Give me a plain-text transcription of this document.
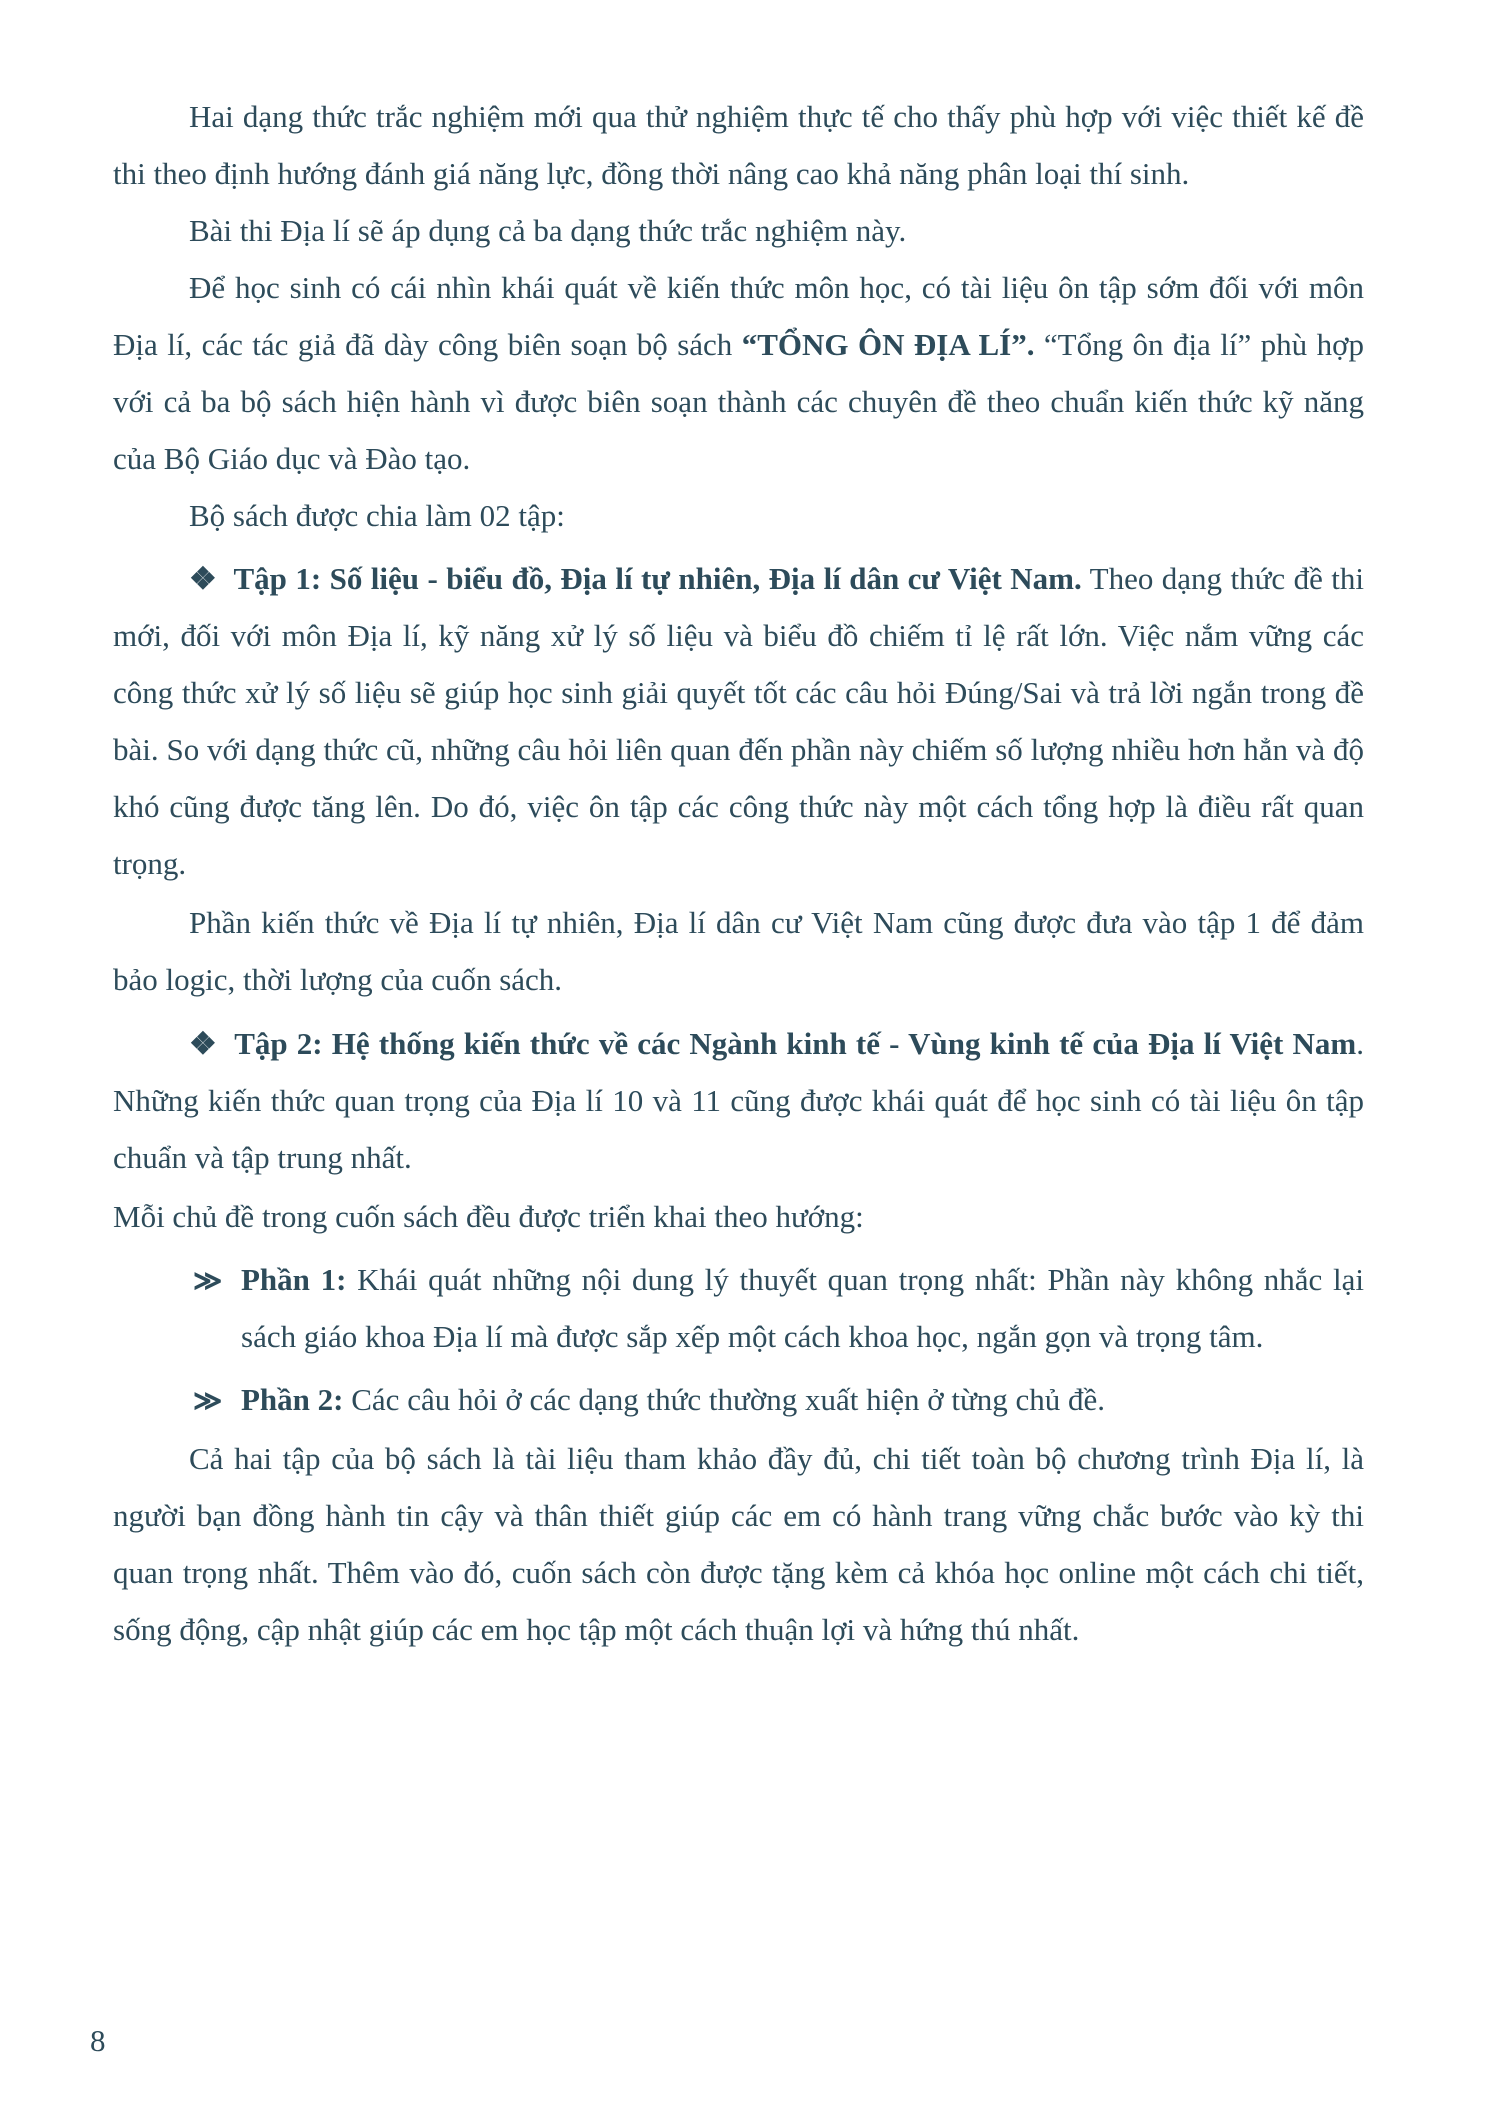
Hai dạng thức trắc nghiệm mới qua thử nghiệm thực tế cho thấy phù hợp với việc thiết kế đề thi theo định hướng đánh giá năng lực, đồng thời nâng cao khả năng phân loại thí sinh.

Bài thi Địa lí sẽ áp dụng cả ba dạng thức trắc nghiệm này.

Để học sinh có cái nhìn khái quát về kiến thức môn học, có tài liệu ôn tập sớm đối với môn Địa lí, các tác giả đã dày công biên soạn bộ sách “TỔNG ÔN ĐỊA LÍ”. “Tổng ôn địa lí” phù hợp với cả ba bộ sách hiện hành vì được biên soạn thành các chuyên đề theo chuẩn kiến thức kỹ năng của Bộ Giáo dục và Đào tạo.

Bộ sách được chia làm 02 tập:

❖ Tập 1: Số liệu - biểu đồ, Địa lí tự nhiên, Địa lí dân cư Việt Nam. Theo dạng thức đề thi mới, đối với môn Địa lí, kỹ năng xử lý số liệu và biểu đồ chiếm tỉ lệ rất lớn. Việc nắm vững các công thức xử lý số liệu sẽ giúp học sinh giải quyết tốt các câu hỏi Đúng/Sai và trả lời ngắn trong đề bài. So với dạng thức cũ, những câu hỏi liên quan đến phần này chiếm số lượng nhiều hơn hẳn và độ khó cũng được tăng lên. Do đó, việc ôn tập các công thức này một cách tổng hợp là điều rất quan trọng.

Phần kiến thức về Địa lí tự nhiên, Địa lí dân cư Việt Nam cũng được đưa vào tập 1 để đảm bảo logic, thời lượng của cuốn sách.

❖ Tập 2: Hệ thống kiến thức về các Ngành kinh tế - Vùng kinh tế của Địa lí Việt Nam. Những kiến thức quan trọng của Địa lí 10 và 11 cũng được khái quát để học sinh có tài liệu ôn tập chuẩn và tập trung nhất.

Mỗi chủ đề trong cuốn sách đều được triển khai theo hướng:

≫ Phần 1: Khái quát những nội dung lý thuyết quan trọng nhất: Phần này không nhắc lại sách giáo khoa Địa lí mà được sắp xếp một cách khoa học, ngắn gọn và trọng tâm.

≫ Phần 2: Các câu hỏi ở các dạng thức thường xuất hiện ở từng chủ đề.

Cả hai tập của bộ sách là tài liệu tham khảo đầy đủ, chi tiết toàn bộ chương trình Địa lí, là người bạn đồng hành tin cậy và thân thiết giúp các em có hành trang vững chắc bước vào kỳ thi quan trọng nhất. Thêm vào đó, cuốn sách còn được tặng kèm cả khóa học online một cách chi tiết, sống động, cập nhật giúp các em học tập một cách thuận lợi và hứng thú nhất.

8
